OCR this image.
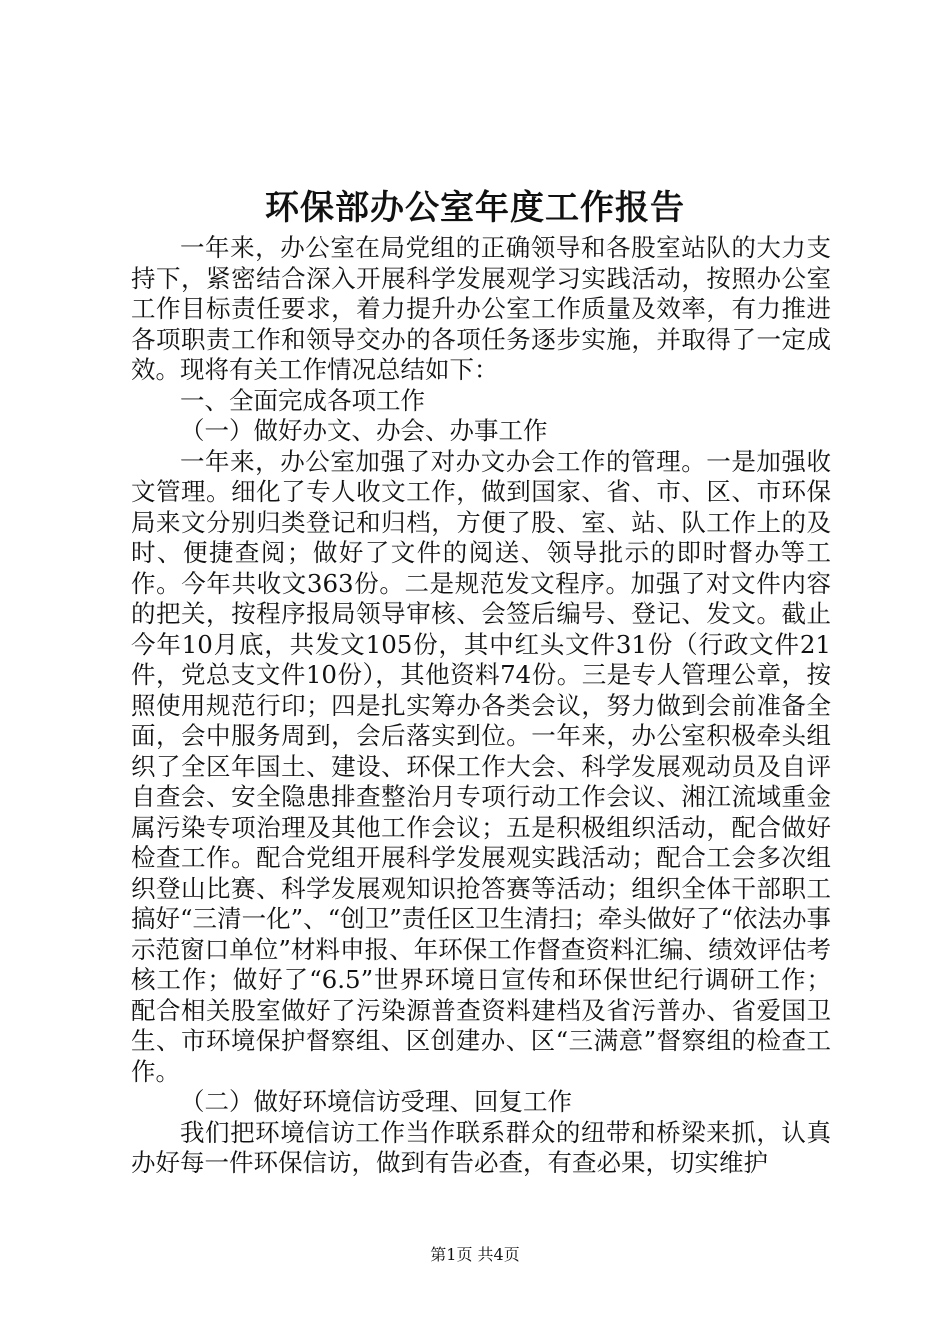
环保部办公室年度工作报告

一年来，办公室在局党组的正确领导和各股室站队的大力支持下，紧密结合深入开展科学发展观学习实践活动，按照办公室工作目标责任要求，着力提升办公室工作质量及效率，有力推进各项职责工作和领导交办的各项任务逐步实施，并取得了一定成效。现将有关工作情况总结如下：

一、全面完成各项工作

（一）做好办文、办会、办事工作

一年来，办公室加强了对办文办会工作的管理。一是加强收文管理。细化了专人收文工作，做到国家、省、市、区、市环保局来文分别归类登记和归档，方便了股、室、站、队工作上的及时、便捷查阅；做好了文件的阅送、领导批示的即时督办等工作。今年共收文363份。二是规范发文程序。加强了对文件内容的把关，按程序报局领导审核、会签后编号、登记、发文。截止今年10月底，共发文105份，其中红头文件31份（行政文件21件，党总支文件10份），其他资料74份。三是专人管理公章，按照使用规范行印；四是扎实筹办各类会议，努力做到会前准备全面，会中服务周到，会后落实到位。一年来，办公室积极牵头组织了全区年国土、建设、环保工作大会、科学发展观动员及自评自查会、安全隐患排查整治月专项行动工作会议、湘江流域重金属污染专项治理及其他工作会议；五是积极组织活动，配合做好检查工作。配合党组开展科学发展观实践活动；配合工会多次组织登山比赛、科学发展观知识抢答赛等活动；组织全体干部职工搞好“三清一化”、“创卫”责任区卫生清扫；牵头做好了“依法办事示范窗口单位”材料申报、年环保工作督查资料汇编、绩效评估考核工作；做好了“6.5”世界环境日宣传和环保世纪行调研工作；配合相关股室做好了污染源普查资料建档及省污普办、省爱国卫生、市环境保护督察组、区创建办、区“三满意”督察组的检查工作。

（二）做好环境信访受理、回复工作

我们把环境信访工作当作联系群众的纽带和桥梁来抓，认真办好每一件环保信访，做到有告必查，有查必果，切实维护

第1页 共4页
